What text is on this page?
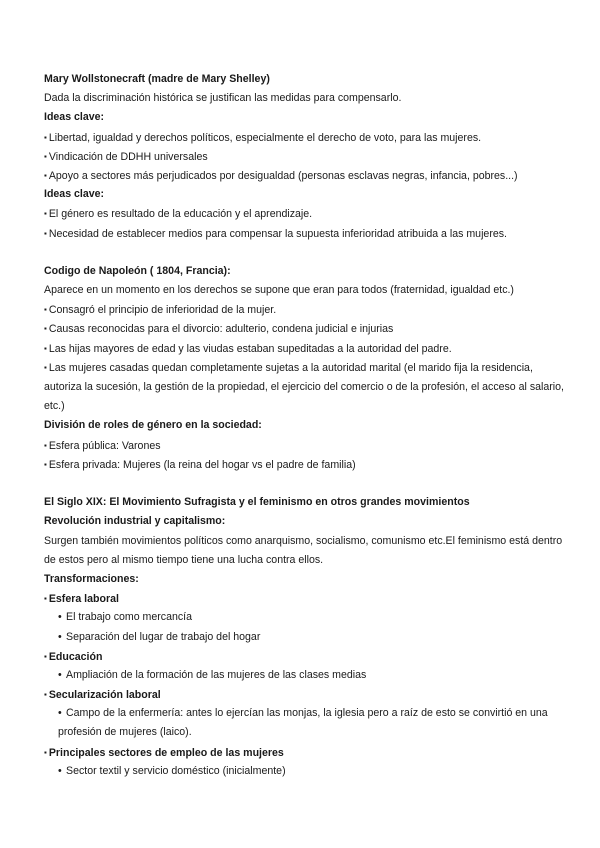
Mary Wollstonecraft (madre de Mary Shelley)
Dada la discriminación histórica se justifican las medidas para compensarlo.
Ideas clave:
▪ Libertad, igualdad y derechos políticos, especialmente el derecho de voto, para las mujeres.
▪ Vindicación de DDHH universales
▪ Apoyo a sectores más perjudicados por desigualdad (personas esclavas negras, infancia, pobres...)
Ideas clave:
▪ El género es resultado de la educación y el aprendizaje.
▪ Necesidad de establecer medios para compensar la supuesta inferioridad atribuida a las mujeres.
Codigo de Napoleón ( 1804, Francia):
Aparece en un momento en los derechos se supone que eran para todos (fraternidad, igualdad etc.)
▪ Consagró el principio de inferioridad de la mujer.
▪ Causas reconocidas para el divorcio: adulterio, condena judicial e injurias
▪ Las hijas mayores de edad y las viudas estaban supeditadas a la autoridad del padre.
▪ Las mujeres casadas quedan completamente sujetas a la autoridad marital (el marido fija la residencia, autoriza la sucesión, la gestión de la propiedad, el ejercicio del comercio o de la profesión, el acceso al salario, etc.)
División de roles de género en la sociedad:
▪ Esfera pública: Varones
▪ Esfera privada: Mujeres (la reina del hogar vs el padre de familia)
El Siglo XIX: El Movimiento Sufragista y el feminismo en otros grandes movimientos
Revolución industrial y capitalismo:
Surgen también movimientos políticos como anarquismo, socialismo, comunismo etc.El feminismo está dentro de estos pero al mismo tiempo tiene una lucha contra ellos.
Transformaciones:
▪ Esfera laboral
• El trabajo como mercancía
• Separación del lugar de trabajo del hogar
▪ Educación
• Ampliación de la formación de las mujeres de las clases medias
▪ Secularización laboral
• Campo de la enfermería: antes lo ejercían las monjas, la iglesia pero a raíz de esto se convirtió en una profesión de mujeres (laico).
▪ Principales sectores de empleo de las mujeres
• Sector textil y servicio doméstico (inicialmente)
